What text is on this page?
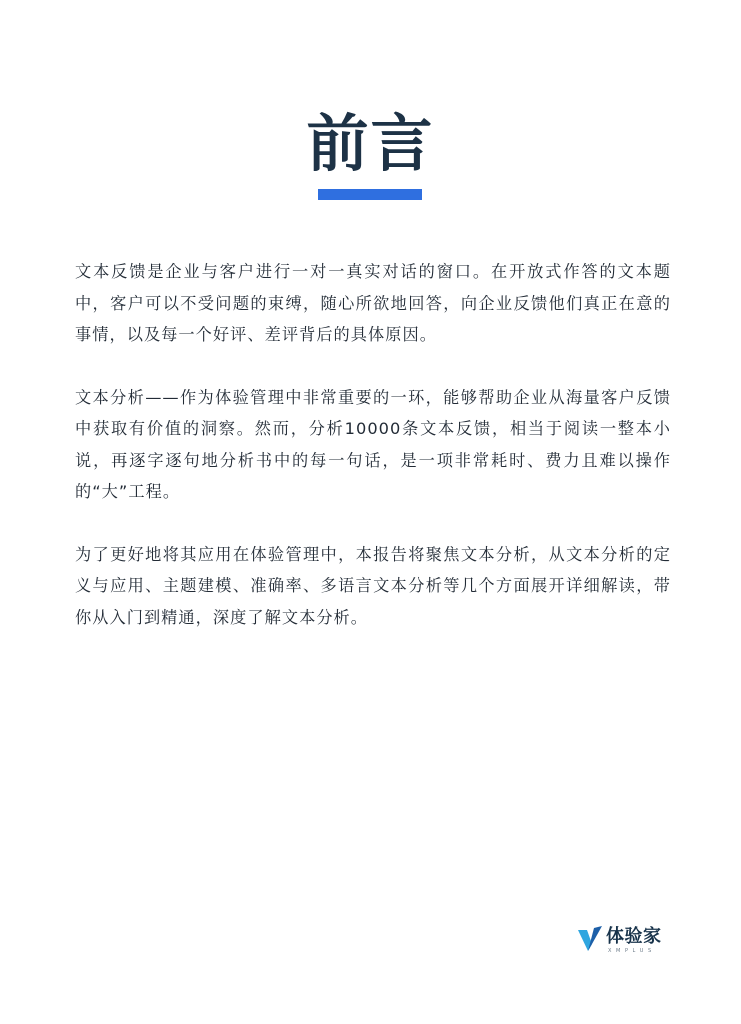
前言

文本反馈是企业与客户进行一对一真实对话的窗口。在开放式作答的文本题中，客户可以不受问题的束缚，随心所欲地回答，向企业反馈他们真正在意的事情，以及每一个好评、差评背后的具体原因。

文本分析——作为体验管理中非常重要的一环，能够帮助企业从海量客户反馈中获取有价值的洞察。然而，分析10000条文本反馈，相当于阅读一整本小说，再逐字逐句地分析书中的每一句话，是一项非常耗时、费力且难以操作的“大”工程。

为了更好地将其应用在体验管理中，本报告将聚焦文本分析，从文本分析的定义与应用、主题建模、准确率、多语言文本分析等几个方面展开详细解读，带你从入门到精通，深度了解文本分析。

体验家
XMPLUS
